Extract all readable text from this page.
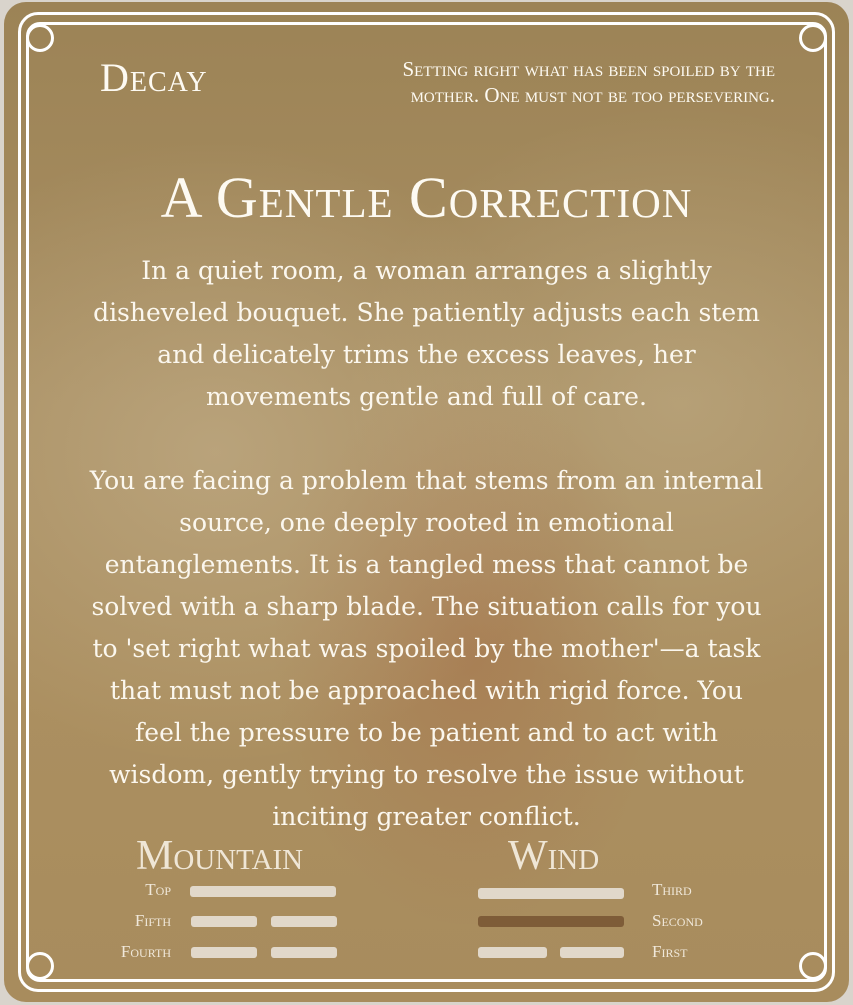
Decay	Setting right what has been spoiled by the mother. One must not be too persevering.
A Gentle Correction

In a quiet room, a woman arranges a slightly disheveled bouquet. She patiently adjusts each stem and delicately trims the excess leaves, her movements gentle and full of care.

You are facing a problem that stems from an internal source, one deeply rooted in emotional entanglements. It is a tangled mess that cannot be solved with a sharp blade. The situation calls for you to 'set right what was spoiled by the mother'—a task that must not be approached with rigid force. You feel the pressure to be patient and to act with wisdom, gently trying to resolve the issue without inciting greater conflict.

Mountain
Top
Fifth
Fourth
Wind
Third
Second
First
